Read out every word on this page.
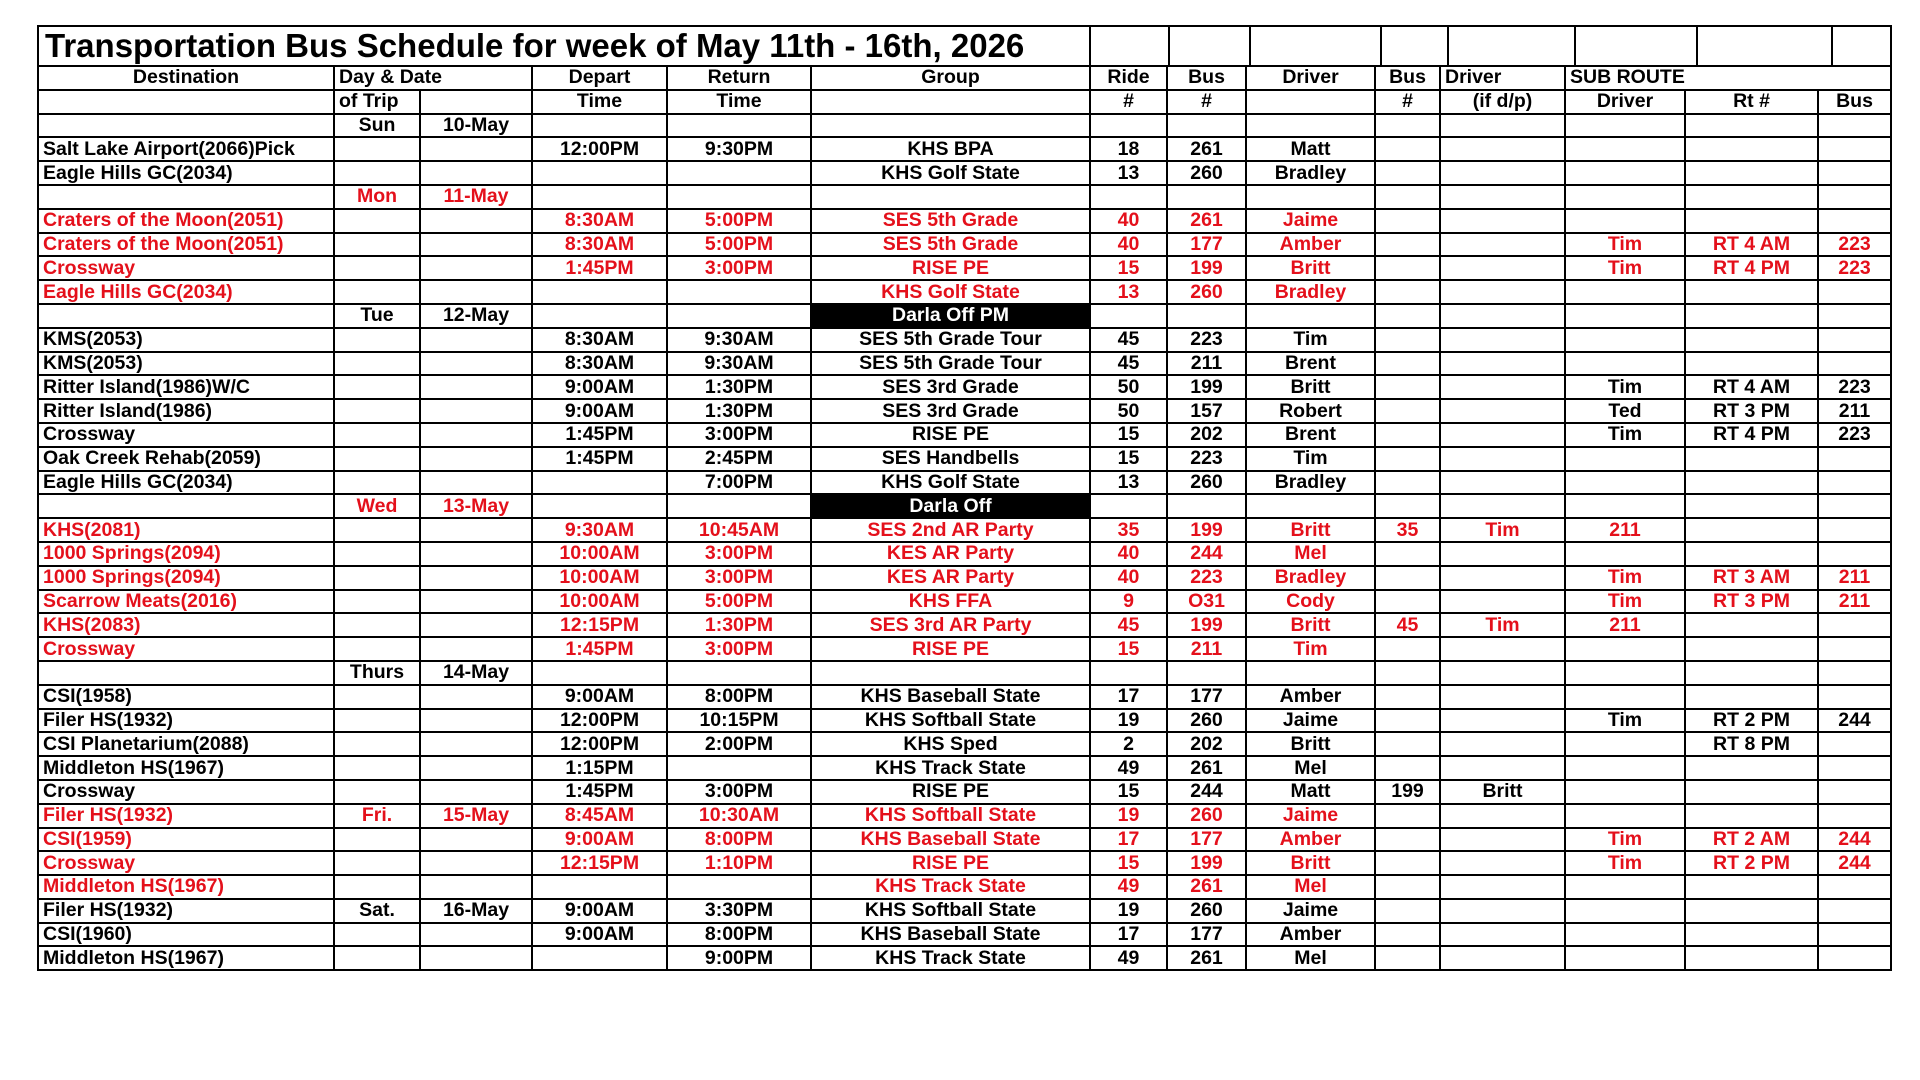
Transportation Bus Schedule for week of May 11th - 16th, 2026													

Destination	Day & Date		Depart	Return	Group	Ride	Bus	Driver	Bus	Driver	SUB ROUTE		
	of Trip		Time	Time		#	#		#	(if d/p)	Driver	Rt #	Bus
	Sun	10-May											
Salt Lake Airport(2066)Pick			12:00PM	9:30PM	KHS BPA	18	261	Matt					
Eagle Hills GC(2034)					KHS Golf State	13	260	Bradley					
	Mon	11-May											
Craters of the Moon(2051)			8:30AM	5:00PM	SES 5th Grade	40	261	Jaime					
Craters of the Moon(2051)			8:30AM	5:00PM	SES 5th Grade	40	177	Amber			Tim	RT 4 AM	223
Crossway			1:45PM	3:00PM	RISE PE	15	199	Britt			Tim	RT 4 PM	223
Eagle Hills GC(2034)					KHS Golf State	13	260	Bradley					
	Tue	12-May			Darla Off PM								
KMS(2053)			8:30AM	9:30AM	SES 5th Grade Tour	45	223	Tim					
KMS(2053)			8:30AM	9:30AM	SES 5th Grade Tour	45	211	Brent					
Ritter Island(1986)W/C			9:00AM	1:30PM	SES 3rd Grade	50	199	Britt			Tim	RT 4 AM	223
Ritter Island(1986)			9:00AM	1:30PM	SES 3rd Grade	50	157	Robert			Ted	RT 3 PM	211
Crossway			1:45PM	3:00PM	RISE PE	15	202	Brent			Tim	RT 4 PM	223
Oak Creek Rehab(2059)			1:45PM	2:45PM	SES Handbells	15	223	Tim					
Eagle Hills GC(2034)				7:00PM	KHS Golf State	13	260	Bradley					
	Wed	13-May			Darla Off								
KHS(2081)			9:30AM	10:45AM	SES 2nd AR Party	35	199	Britt	35	Tim	211		
1000 Springs(2094)			10:00AM	3:00PM	KES AR Party	40	244	Mel					
1000 Springs(2094)			10:00AM	3:00PM	KES AR Party	40	223	Bradley			Tim	RT 3 AM	211
Scarrow Meats(2016)			10:00AM	5:00PM	KHS FFA	9	O31	Cody			Tim	RT 3 PM	211
KHS(2083)			12:15PM	1:30PM	SES 3rd AR Party	45	199	Britt	45	Tim	211		
Crossway			1:45PM	3:00PM	RISE PE	15	211	Tim					
	Thurs	14-May											
CSI(1958)			9:00AM	8:00PM	KHS Baseball State	17	177	Amber					
Filer HS(1932)			12:00PM	10:15PM	KHS Softball State	19	260	Jaime			Tim	RT 2 PM	244
CSI Planetarium(2088)			12:00PM	2:00PM	KHS Sped	2	202	Britt				RT 8 PM	
Middleton HS(1967)			1:15PM		KHS Track State	49	261	Mel					
Crossway			1:45PM	3:00PM	RISE PE	15	244	Matt	199	Britt			
Filer HS(1932)	Fri.	15-May	8:45AM	10:30AM	KHS Softball State	19	260	Jaime					
CSI(1959)			9:00AM	8:00PM	KHS Baseball State	17	177	Amber			Tim	RT 2 AM	244
Crossway			12:15PM	1:10PM	RISE PE	15	199	Britt			Tim	RT 2 PM	244
Middleton HS(1967)					KHS Track State	49	261	Mel					
Filer HS(1932)	Sat.	16-May	9:00AM	3:30PM	KHS Softball State	19	260	Jaime					
CSI(1960)			9:00AM	8:00PM	KHS Baseball State	17	177	Amber					
Middleton HS(1967)				9:00PM	KHS Track State	49	261	Mel					
